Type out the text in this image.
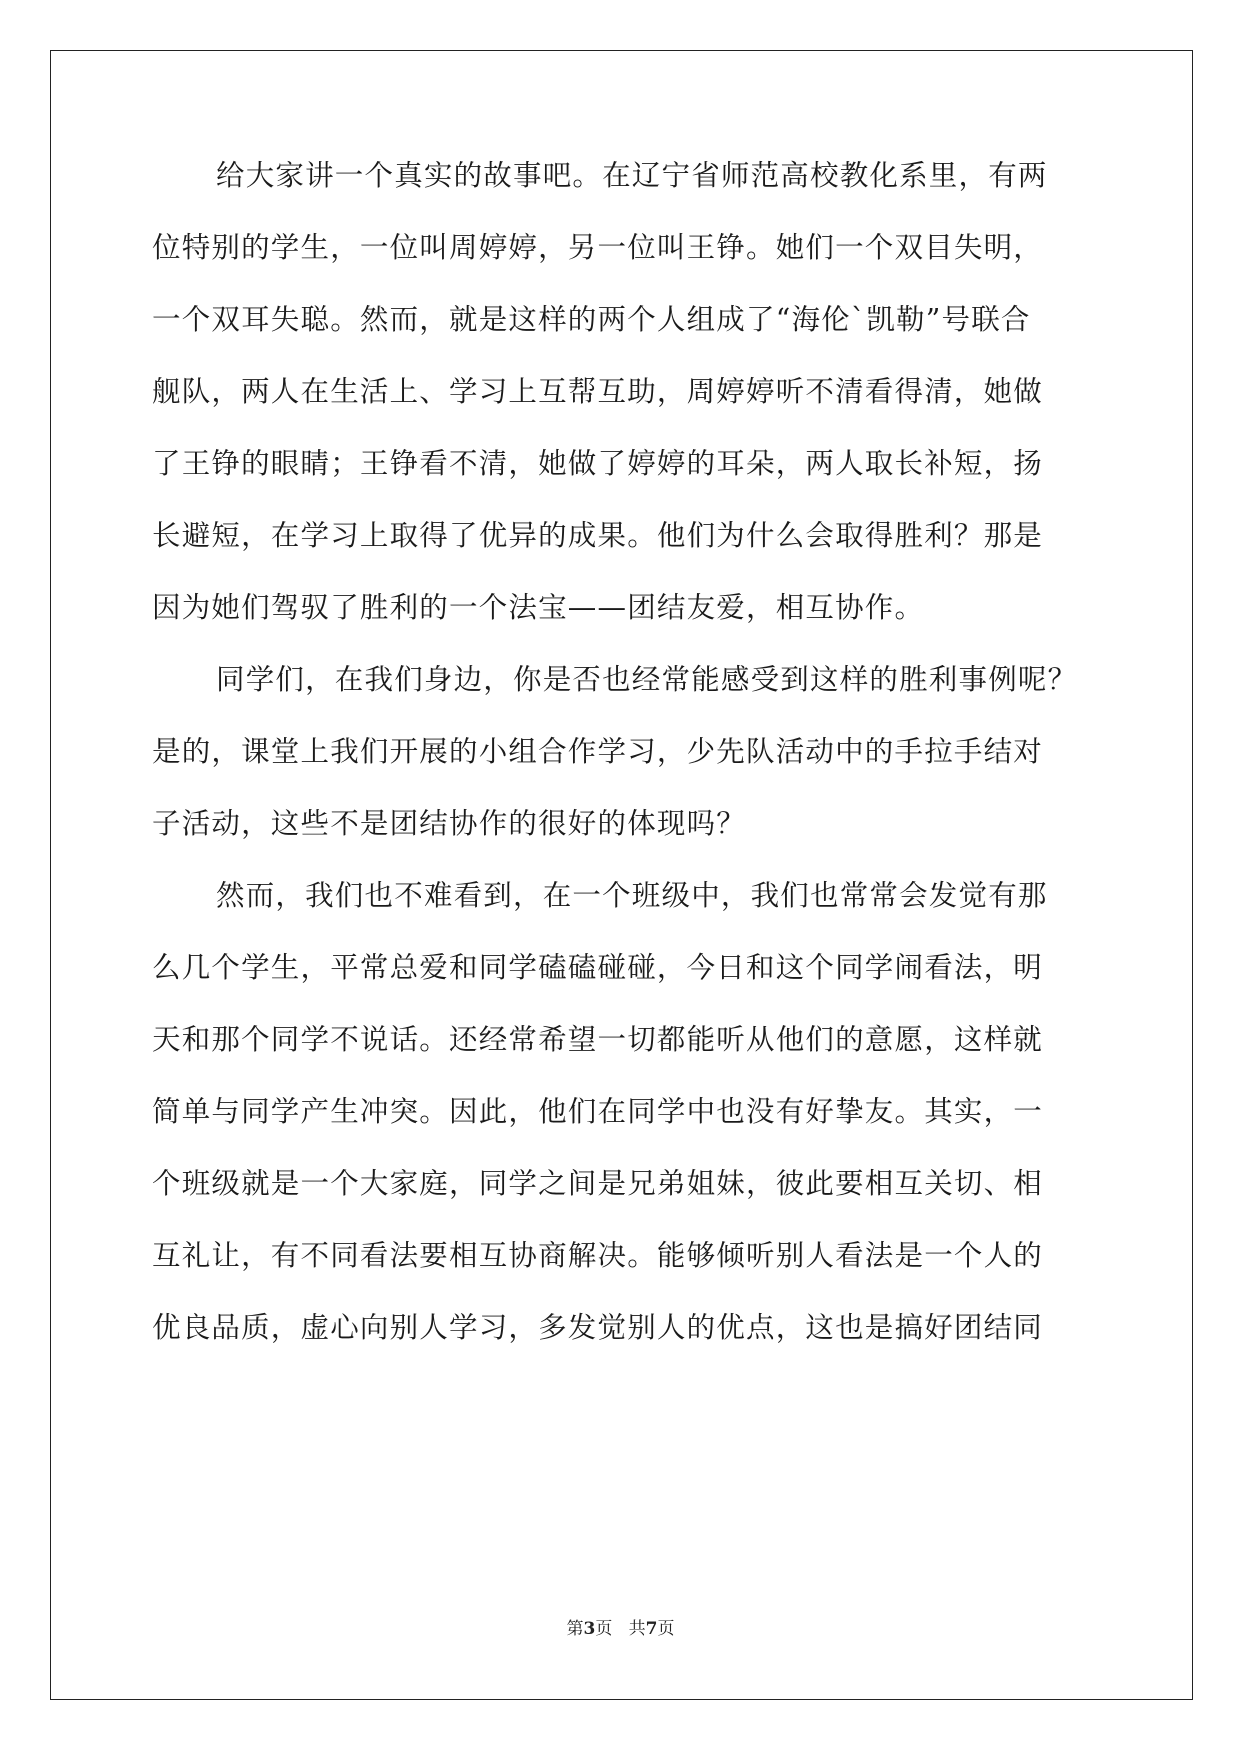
给大家讲一个真实的故事吧。在辽宁省师范高校教化系里，有两
位特别的学生，一位叫周婷婷，另一位叫王铮。她们一个双目失明，
一个双耳失聪。然而，就是这样的两个人组成了“海伦`凯勒”号联合
舰队，两人在生活上、学习上互帮互助，周婷婷听不清看得清，她做
了王铮的眼睛；王铮看不清，她做了婷婷的耳朵，两人取长补短，扬
长避短，在学习上取得了优异的成果。他们为什么会取得胜利？那是
因为她们驾驭了胜利的一个法宝——团结友爱，相互协作。
同学们，在我们身边，你是否也经常能感受到这样的胜利事例呢？
是的，课堂上我们开展的小组合作学习，少先队活动中的手拉手结对
子活动，这些不是团结协作的很好的体现吗？
然而，我们也不难看到，在一个班级中，我们也常常会发觉有那
么几个学生，平常总爱和同学磕磕碰碰，今日和这个同学闹看法，明
天和那个同学不说话。还经常希望一切都能听从他们的意愿，这样就
简单与同学产生冲突。因此，他们在同学中也没有好挚友。其实，一
个班级就是一个大家庭，同学之间是兄弟姐妹，彼此要相互关切、相
互礼让，有不同看法要相互协商解决。能够倾听别人看法是一个人的
优良品质，虚心向别人学习，多发觉别人的优点，这也是搞好团结同
第3页 共7页
